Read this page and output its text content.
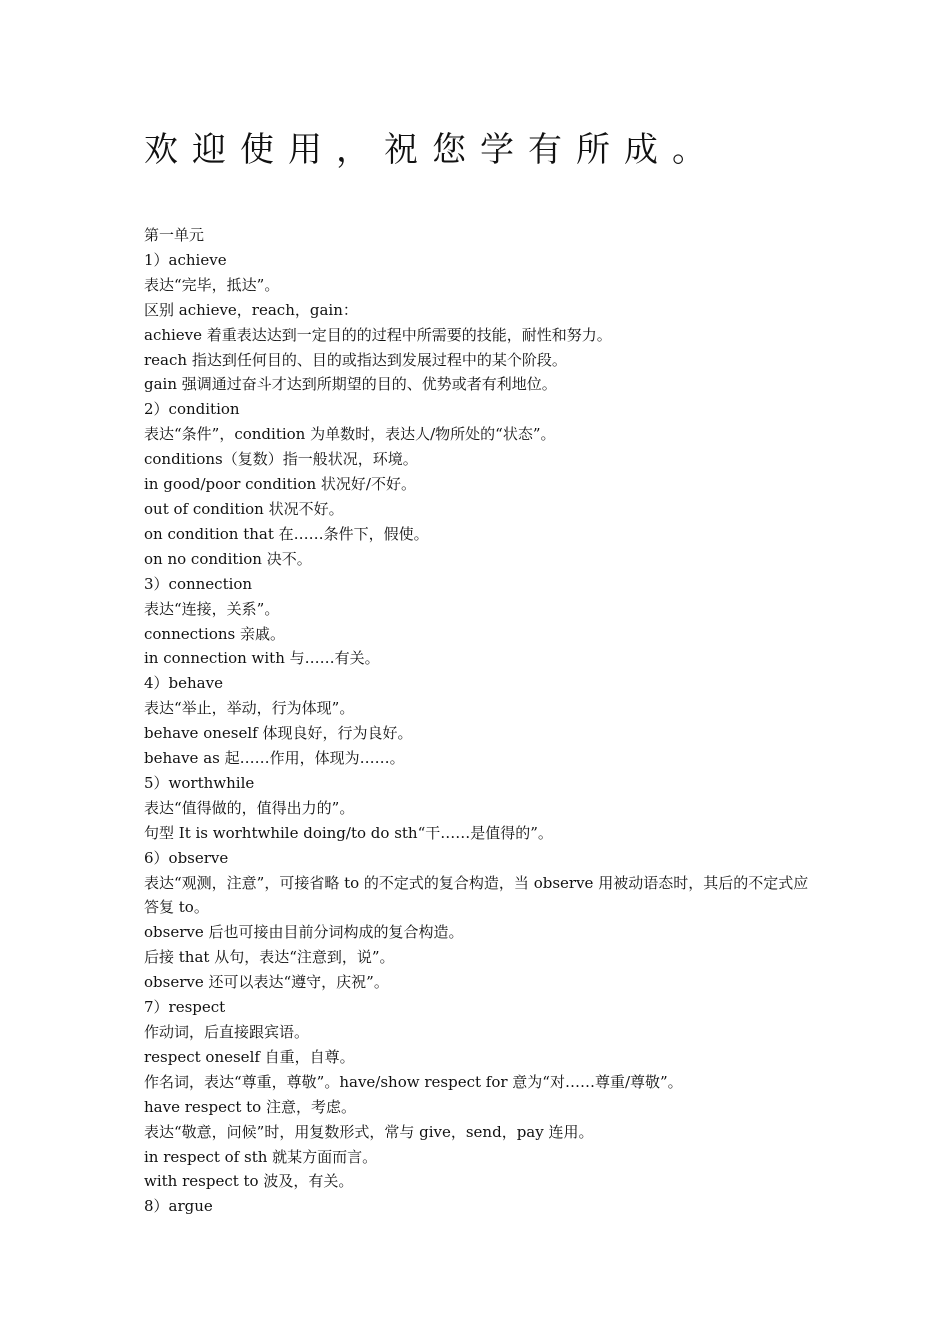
欢迎使用，祝您学有所成。

第一单元

1）achieve

表达“完毕，抵达”。

区别 achieve，reach，gain：

achieve 着重表达达到一定目的的过程中所需要的技能，耐性和努力。

reach 指达到任何目的、目的或指达到发展过程中的某个阶段。

gain 强调通过奋斗才达到所期望的目的、优势或者有利地位。

2）condition

表达“条件”，condition 为单数时，表达人/物所处的“状态”。

conditions（复数）指一般状况，环境。

in good/poor condition 状况好/不好。

out of condition 状况不好。

on condition that 在……条件下，假使。

on no condition 决不。

3）connection

表达“连接，关系”。

connections 亲戚。

in connection with 与……有关。

4）behave

表达“举止，举动，行为体现”。

behave oneself 体现良好，行为良好。

behave as 起……作用，体现为……。

5）worthwhile

表达“值得做的，值得出力的”。

句型 It is worhtwhile doing/to do sth“干……是值得的”。

6）observe

表达“观测，注意”，可接省略 to 的不定式的复合构造，当 observe 用被动语态时，其后的不定式应答复 to。

observe 后也可接由目前分词构成的复合构造。

后接 that 从句，表达“注意到，说”。

observe 还可以表达“遵守，庆祝”。

7）respect

作动词，后直接跟宾语。

respect oneself 自重，自尊。

作名词，表达“尊重，尊敬”。have/show respect for 意为“对……尊重/尊敬”。

have respect to 注意，考虑。

表达“敬意，问候”时，用复数形式，常与 give，send，pay 连用。

in respect of sth 就某方面而言。

with respect to 波及，有关。

8）argue
